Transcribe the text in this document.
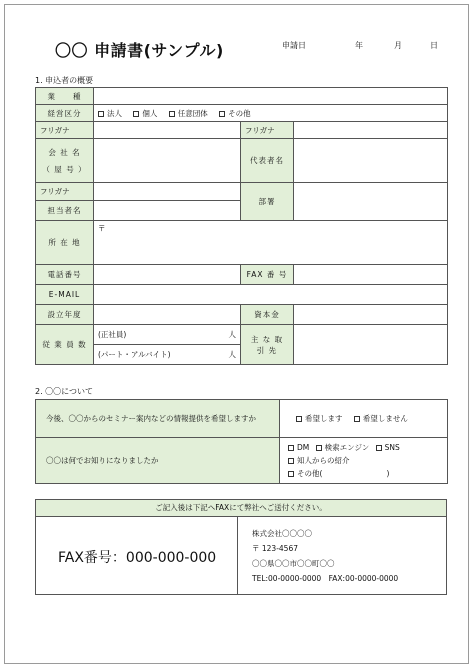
〇〇 申請書(サンプル)	申請日	年	月	日
1. 申込者の概要
業　　種			
経営区分	法人 個人 任意団体 その他		
フリガナ		フリガナ	

会 社 名
（ 屋 号 ）		代表者名	
フリガナ		部署	
担当者名			
所 在 地	〒		
電話番号		FAX 番 号	
E-MAIL			
設立年度		資本金	
従 業 員 数	(正社員) 人	主 な 取 引 先	
	(パート・アルバイト) 人		
2. 〇〇について
今後、〇〇からのセミナー案内などの情報提供を希望しますか	希望します 希望しません
〇〇は何でお知りになりましたか	DM 検索エンジン SNS
知人からの紹介
その他( )
ご記入後は下記へFAXにて弊社へご送付ください。
FAX番号：000-000-000
株式会社〇〇〇〇
〒 123-4567
〇〇県〇〇市〇〇町〇〇
TEL:00-0000-0000　FAX:00-0000-0000
